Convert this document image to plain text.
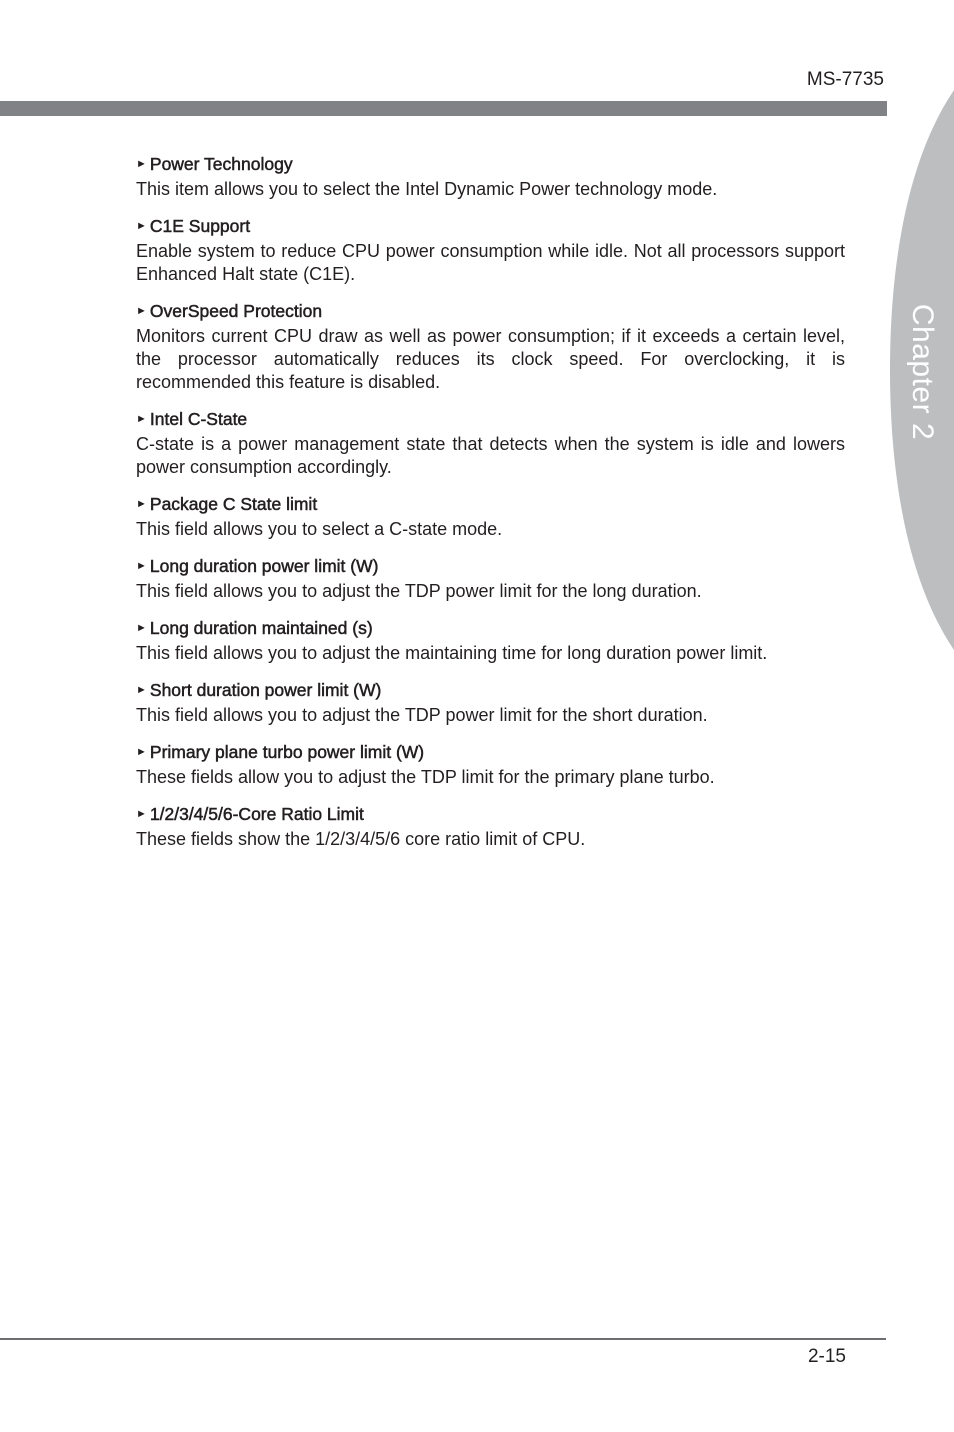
MS-7735
Chapter 2
► Power Technology

This item allows you to select the Intel Dynamic Power technology mode.

► C1E Support

Enable system to reduce CPU power consumption while idle. Not all processors support Enhanced Halt state (C1E).

► OverSpeed Protection

Monitors current CPU draw as well as power consumption; if it exceeds a certain level, the processor automatically reduces its clock speed. For overclocking, it is recommended this feature is disabled.

► Intel C-State

C-state is a power management state that detects when the system is idle and lowers power consumption accordingly.

► Package C State limit

This field allows you to select a C-state mode.

► Long duration power limit (W)

This field allows you to adjust the TDP power limit for the long duration.

► Long duration maintained (s)

This field allows you to adjust the maintaining time for long duration power limit.

► Short duration power limit (W)

This field allows you to adjust the TDP power limit for the short duration.

► Primary plane turbo power limit (W)

These fields allow you to adjust the TDP limit for the primary plane turbo.

► 1/2/3/4/5/6-Core Ratio Limit

These fields show the 1/2/3/4/5/6 core ratio limit of CPU.

2-15
